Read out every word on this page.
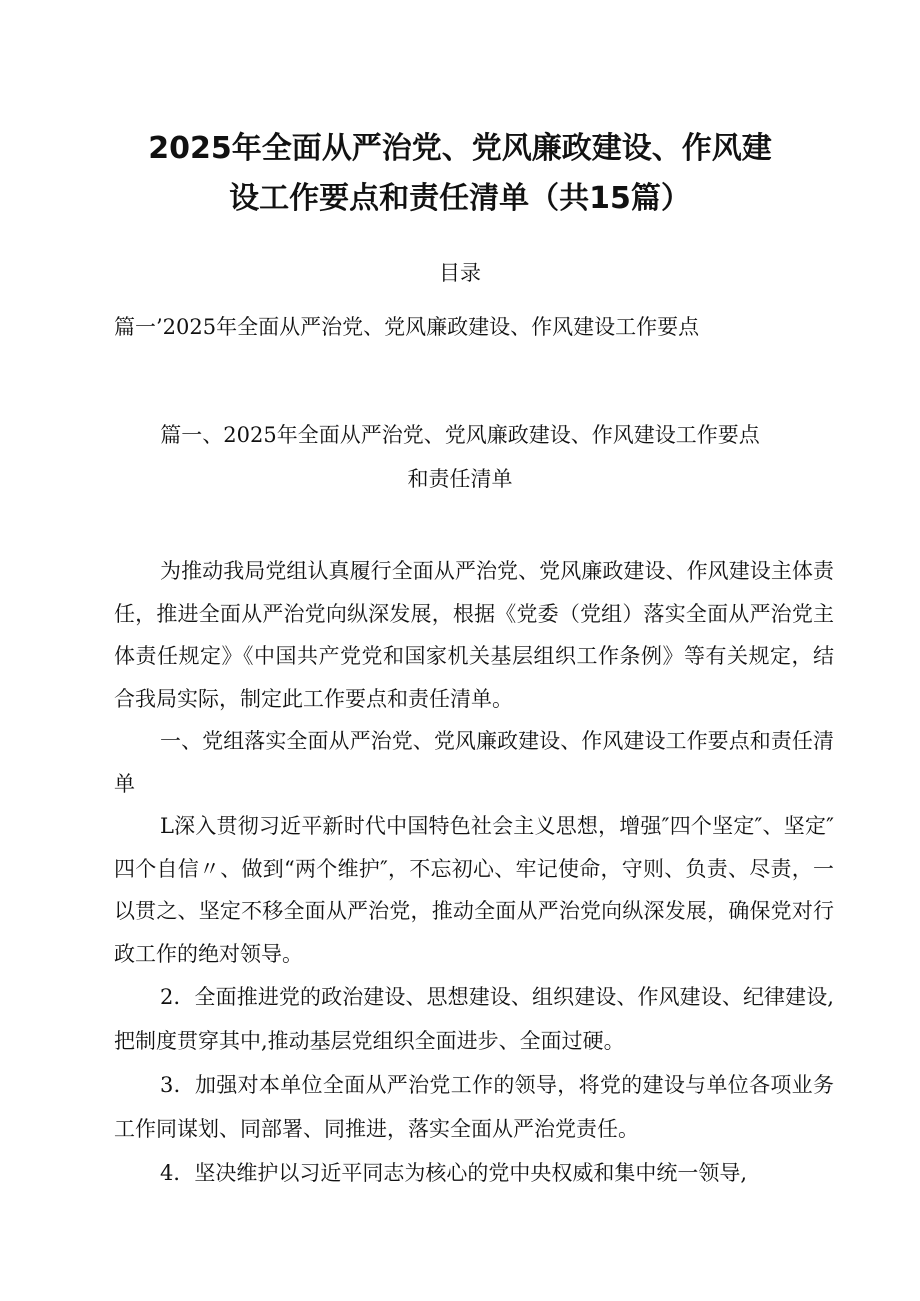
2025年全面从严治党、党风廉政建设、作风建
设工作要点和责任清单（共15篇）
目录
篇一’2025年全面从严治党、党风廉政建设、作风建设工作要点
篇一、2025年全面从严治党、党风廉政建设、作风建设工作要点
和责任清单

为推动我局党组认真履行全面从严治党、党风廉政建设、作风建设主体责任，推进全面从严治党向纵深发展，根据《党委（党组）落实全面从严治党主体责任规定》《中国共产党党和国家机关基层组织工作条例》等有关规定，结合我局实际，制定此工作要点和责任清单。

一、党组落实全面从严治党、党风廉政建设、作风建设工作要点和责任清单

L深入贯彻习近平新时代中国特色社会主义思想，增强″四个坚定″、坚定″四个自信〃、做到“两个维护″，不忘初心、牢记使命，守则、负责、尽责，一以贯之、坚定不移全面从严治党，推动全面从严治党向纵深发展，确保党对行政工作的绝对领导。

2．全面推进党的政治建设、思想建设、组织建设、作风建设、纪律建设,把制度贯穿其中,推动基层党组织全面进步、全面过硬。

3．加强对本单位全面从严治党工作的领导，将党的建设与单位各项业务工作同谋划、同部署、同推进，落实全面从严治党责任。

4．坚决维护以习近平同志为核心的党中央权威和集中统一领导,
